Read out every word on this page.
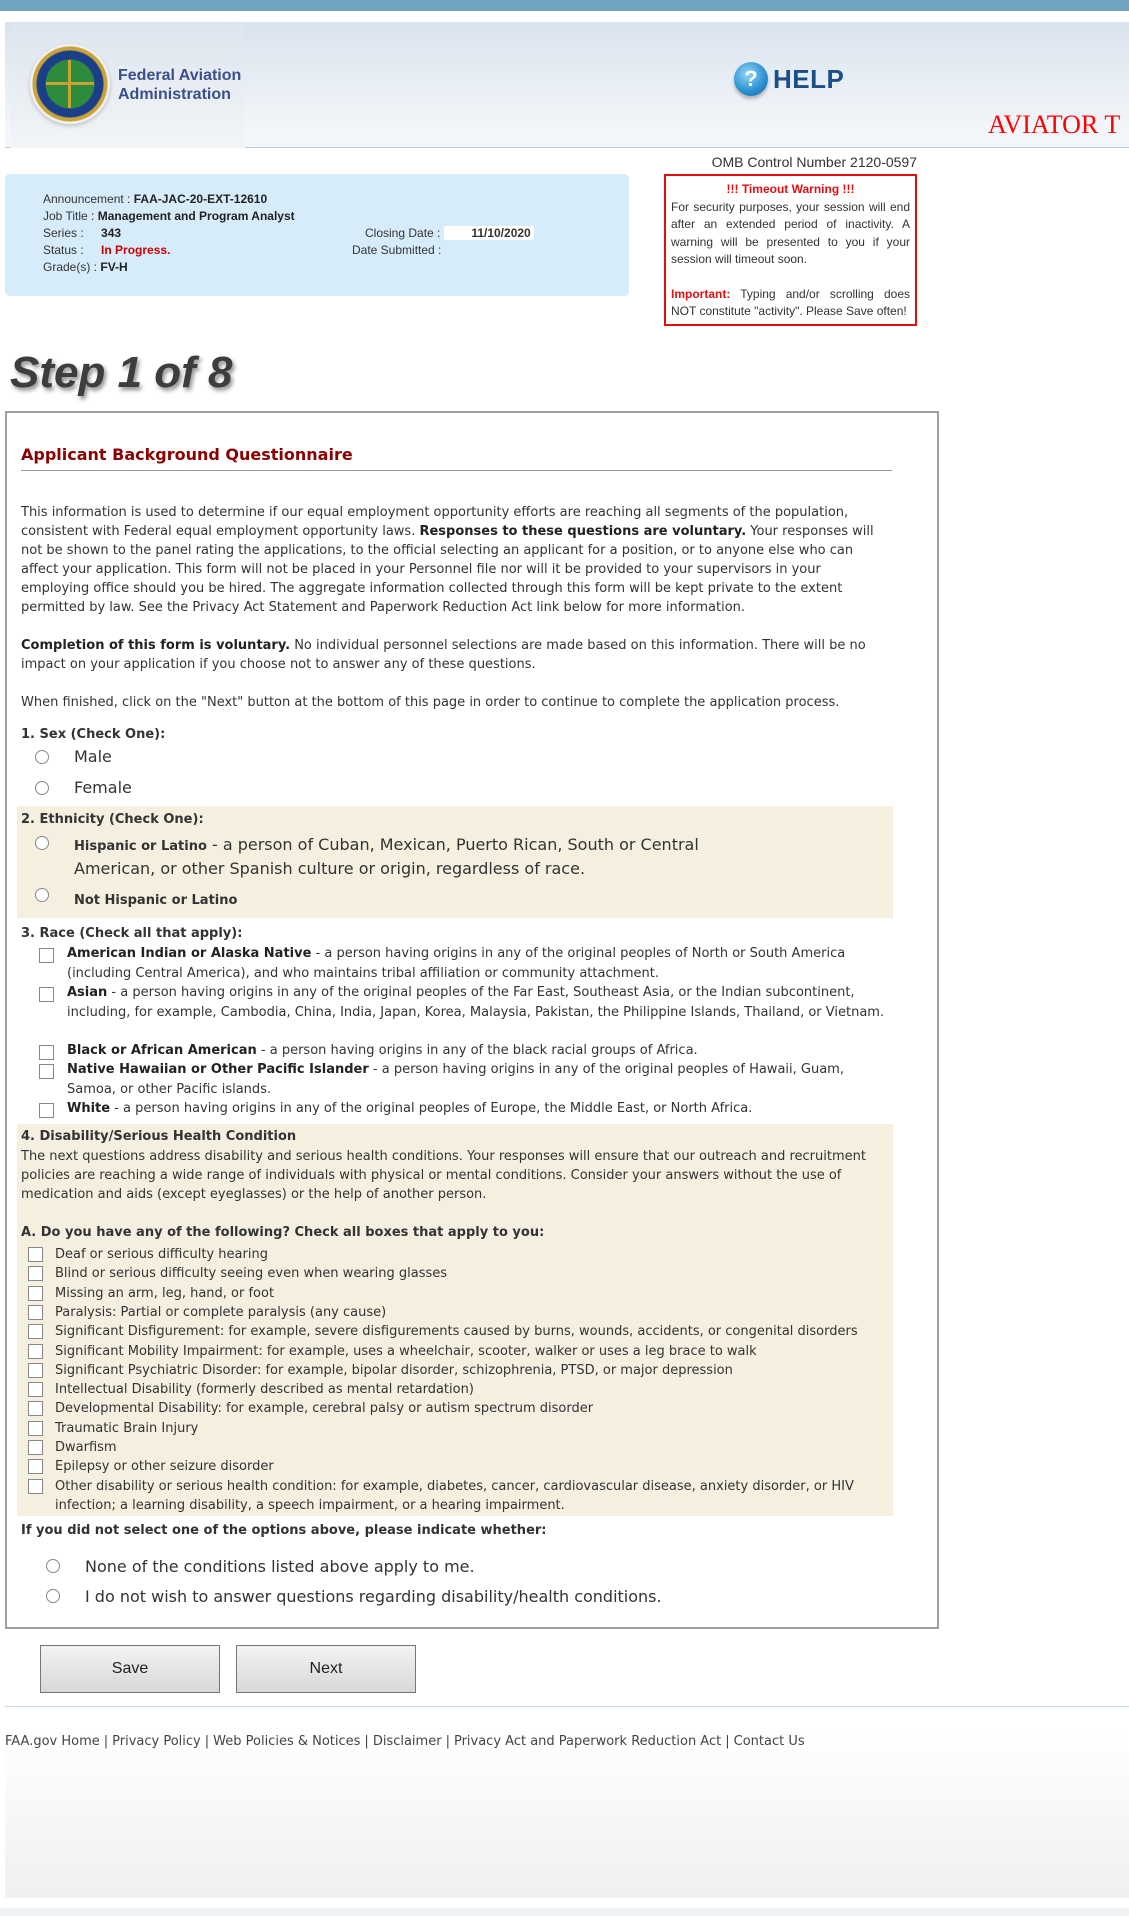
Federal Aviation
Administration
? HELP
AVIATOR T
OMB Control Number 2120-0597
Announcement : FAA-JAC-20-EXT-12610
Job Title : Management and Program Analyst
Series : 343
Status : In Progress.
Grade(s) : FV-H
Closing Date :	11/10/2020
Date Submitted :
!!! Timeout Warning !!!
For security purposes, your session will end after an extended period of inactivity. A warning will be presented to you if your session will timeout soon.
Important: Typing and/or scrolling does NOT constitute "activity". Please Save often!
Step 1 of 8
Applicant Background Questionnaire
This information is used to determine if our equal employment opportunity efforts are reaching all segments of the population, consistent with Federal equal employment opportunity laws. Responses to these questions are voluntary. Your responses will not be shown to the panel rating the applications, to the official selecting an applicant for a position, or to anyone else who can affect your application. This form will not be placed in your Personnel file nor will it be provided to your supervisors in your employing office should you be hired. The aggregate information collected through this form will be kept private to the extent permitted by law. See the Privacy Act Statement and Paperwork Reduction Act link below for more information.
Completion of this form is voluntary. No individual personnel selections are made based on this information. There will be no impact on your application if you choose not to answer any of these questions.
When finished, click on the "Next" button at the bottom of this page in order to continue to complete the application process.
1. Sex (Check One):
Male
Female
2. Ethnicity (Check One):
Hispanic or Latino - a person of Cuban, Mexican, Puerto Rican, South or Central American, or other Spanish culture or origin, regardless of race.
Not Hispanic or Latino
3. Race (Check all that apply):
American Indian or Alaska Native - a person having origins in any of the original peoples of North or South America (including Central America), and who maintains tribal affiliation or community attachment.
Asian - a person having origins in any of the original peoples of the Far East, Southeast Asia, or the Indian subcontinent, including, for example, Cambodia, China, India, Japan, Korea, Malaysia, Pakistan, the Philippine Islands, Thailand, or Vietnam.
Black or African American - a person having origins in any of the black racial groups of Africa.
Native Hawaiian or Other Pacific Islander - a person having origins in any of the original peoples of Hawaii, Guam, Samoa, or other Pacific islands.
White - a person having origins in any of the original peoples of Europe, the Middle East, or North Africa.
4. Disability/Serious Health Condition
The next questions address disability and serious health conditions. Your responses will ensure that our outreach and recruitment policies are reaching a wide range of individuals with physical or mental conditions. Consider your answers without the use of medication and aids (except eyeglasses) or the help of another person.
A. Do you have any of the following? Check all boxes that apply to you:
Deaf or serious difficulty hearing
Blind or serious difficulty seeing even when wearing glasses
Missing an arm, leg, hand, or foot
Paralysis: Partial or complete paralysis (any cause)
Significant Disfigurement: for example, severe disfigurements caused by burns, wounds, accidents, or congenital disorders
Significant Mobility Impairment: for example, uses a wheelchair, scooter, walker or uses a leg brace to walk
Significant Psychiatric Disorder: for example, bipolar disorder, schizophrenia, PTSD, or major depression
Intellectual Disability (formerly described as mental retardation)
Developmental Disability: for example, cerebral palsy or autism spectrum disorder
Traumatic Brain Injury
Dwarfism
Epilepsy or other seizure disorder
Other disability or serious health condition: for example, diabetes, cancer, cardiovascular disease, anxiety disorder, or HIV infection; a learning disability, a speech impairment, or a hearing impairment.
If you did not select one of the options above, please indicate whether:
None of the conditions listed above apply to me.
I do not wish to answer questions regarding disability/health conditions.
Save	Next
FAA.gov Home | Privacy Policy | Web Policies & Notices | Disclaimer | Privacy Act and Paperwork Reduction Act | Contact Us
